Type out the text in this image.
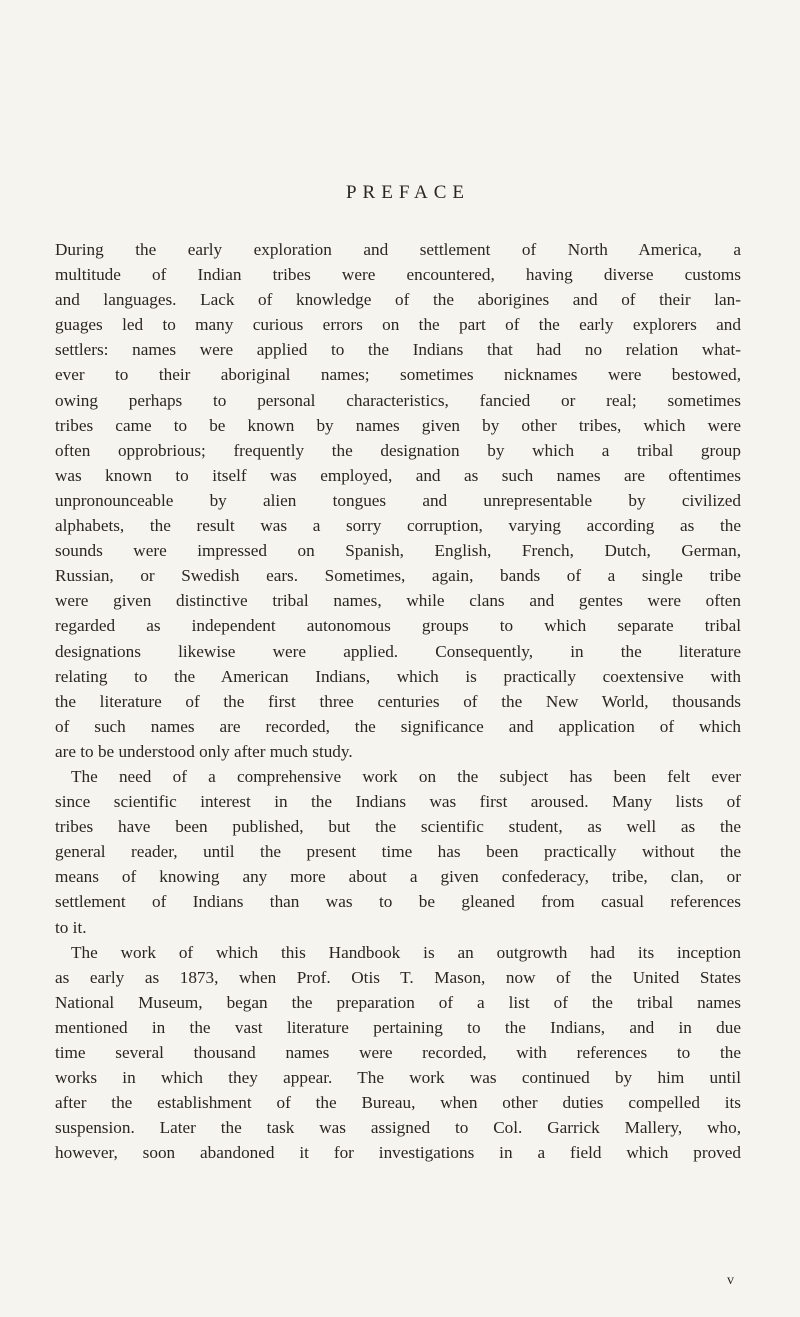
PREFACE
During the early exploration and settlement of North America, a
multitude of Indian tribes were encountered, having diverse customs
and languages. Lack of knowledge of the aborigines and of their lan-
guages led to many curious errors on the part of the early explorers and
settlers: names were applied to the Indians that had no relation what-
ever to their aboriginal names; sometimes nicknames were bestowed,
owing perhaps to personal characteristics, fancied or real; sometimes
tribes came to be known by names given by other tribes, which were
often opprobrious; frequently the designation by which a tribal group
was known to itself was employed, and as such names are oftentimes
unpronounceable by alien tongues and unrepresentable by civilized
alphabets, the result was a sorry corruption, varying according as the
sounds were impressed on Spanish, English, French, Dutch, German,
Russian, or Swedish ears. Sometimes, again, bands of a single tribe
were given distinctive tribal names, while clans and gentes were often
regarded as independent autonomous groups to which separate tribal
designations likewise were applied. Consequently, in the literature
relating to the American Indians, which is practically coextensive with
the literature of the first three centuries of the New World, thousands
of such names are recorded, the significance and application of which
are to be understood only after much study.
The need of a comprehensive work on the subject has been felt ever
since scientific interest in the Indians was first aroused. Many lists of
tribes have been published, but the scientific student, as well as the
general reader, until the present time has been practically without the
means of knowing any more about a given confederacy, tribe, clan, or
settlement of Indians than was to be gleaned from casual references
to it.
The work of which this Handbook is an outgrowth had its inception
as early as 1873, when Prof. Otis T. Mason, now of the United States
National Museum, began the preparation of a list of the tribal names
mentioned in the vast literature pertaining to the Indians, and in due
time several thousand names were recorded, with references to the
works in which they appear. The work was continued by him until
after the establishment of the Bureau, when other duties compelled its
suspension. Later the task was assigned to Col. Garrick Mallery, who,
however, soon abandoned it for investigations in a field which proved
v
